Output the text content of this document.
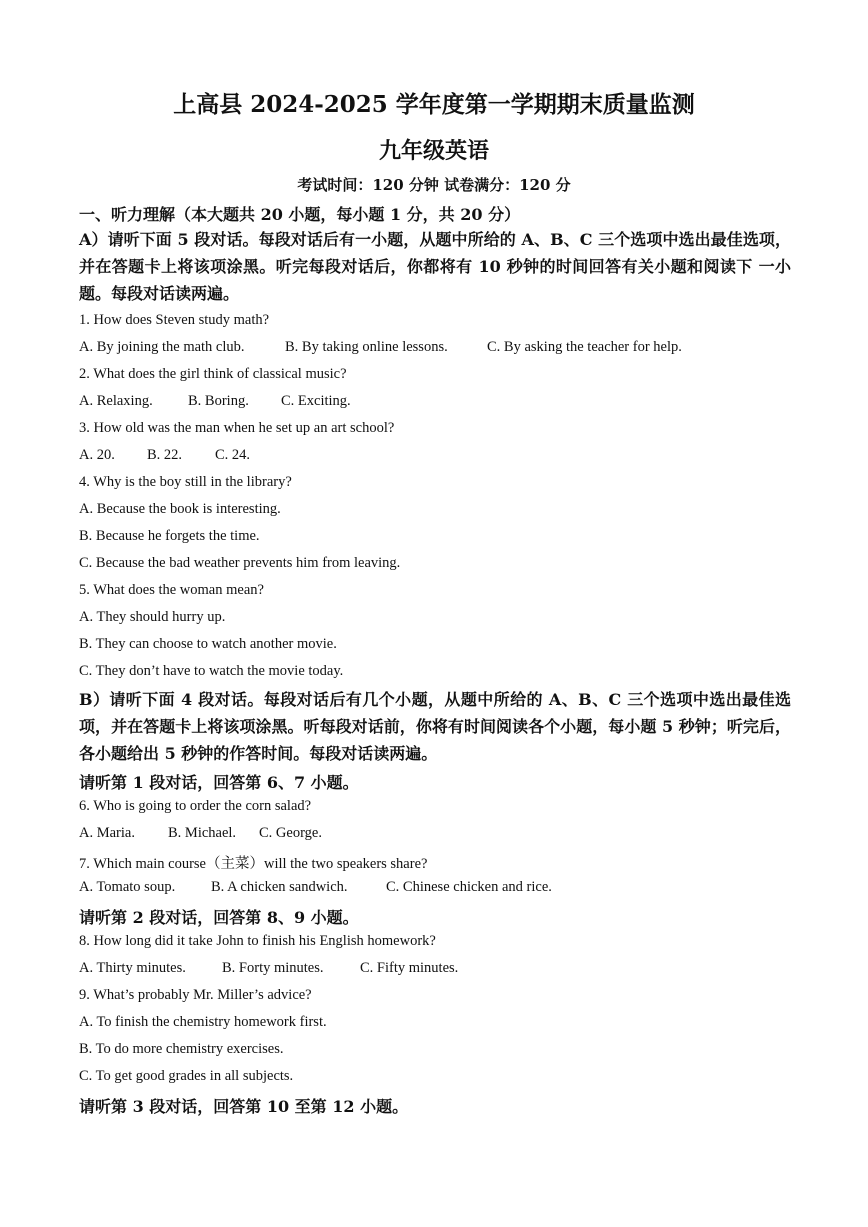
上高县 2024-2025 学年度第一学期期末质量监测
九年级英语
考试时间：120 分钟 试卷满分：120 分
一、听力理解（本大题共 20 小题，每小题 1 分，共 20 分）
A）请听下面 5 段对话。每段对话后有一小题，从题中所给的 A、B、C 三个选项中选出最佳选项，并在答题卡上将该项涂黑。听完每段对话后，你都将有 10 秒钟的时间回答有关小题和阅读下 一小题。每段对话读两遍。
1. How does Steven study math?
A. By joining the math club.	B. By taking online lessons.	C. By asking the teacher for help.
2. What does the girl think of classical music?
A. Relaxing. B. Boring. C. Exciting.
3. How old was the man when he set up an art school?
A. 20. B. 22. C. 24.
4. Why is the boy still in the library?
A. Because the book is interesting.
B. Because he forgets the time.
C. Because the bad weather prevents him from leaving.
5. What does the woman mean?
A. They should hurry up.
B. They can choose to watch another movie.
C. They don’t have to watch the movie today.
B）请听下面 4 段对话。每段对话后有几个小题，从题中所给的 A、B、C 三个选项中选出最佳选项，并在答题卡上将该项涂黑。听每段对话前，你将有时间阅读各个小题，每小题 5 秒钟；听完后，各小题给出 5 秒钟的作答时间。每段对话读两遍。
请听第 1 段对话，回答第 6、7 小题。
6. Who is going to order the corn salad?
A. Maria. B. Michael. C. George.
7. Which main course（主菜）will the two speakers share?
A. Tomato soup. B. A chicken sandwich.	C. Chinese chicken and rice.
请听第 2 段对话，回答第 8、9 小题。
8. How long did it take John to finish his English homework?
A. Thirty minutes. B. Forty minutes.	C. Fifty minutes.
9. What’s probably Mr. Miller’s advice?
A. To finish the chemistry homework first.
B. To do more chemistry exercises.
C. To get good grades in all subjects.
请听第 3 段对话，回答第 10 至第 12 小题。
